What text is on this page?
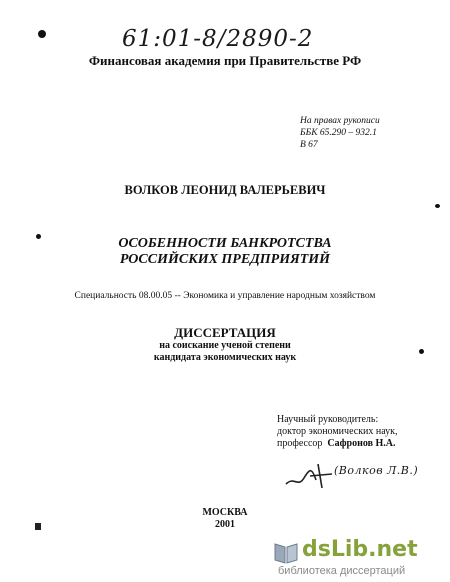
61:01-8/2890-2
Финансовая академия при Правительстве РФ
На правах рукописи
ББК 65.290 – 932.1
В 67
ВОЛКОВ ЛЕОНИД ВАЛЕРЬЕВИЧ
ОСОБЕННОСТИ БАНКРОТСТВА
РОССИЙСКИХ ПРЕДПРИЯТИЙ
Специальность 08.00.05 -- Экономика и управление народным хозяйством
ДИССЕРТАЦИЯ
на соискание ученой степени
кандидата экономических наук
Научный руководитель:
доктор экономических наук,
профессор Сафронов Н.А.
(Волков Л.В.)
МОСКВА
2001
dsLib.net
библиотека диссертаций
